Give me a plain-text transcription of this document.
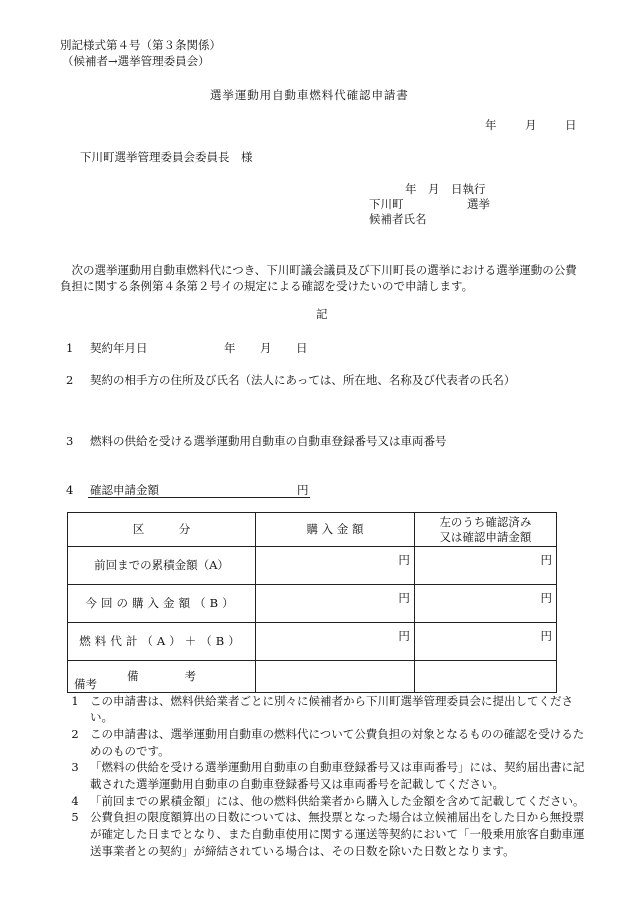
別記様式第４号（第３条関係）
（候補者→選挙管理委員会）
選挙運動用自動車燃料代確認申請書
年 月 日
下川町選挙管理委員会委員長　様
年　月　日執行
下川町	選挙
候補者氏名
次の選挙運動用自動車燃料代につき、下川町議会議員及び下川町長の選挙における選挙運動の公費負担に関する条例第４条第２号イの規定による確認を受けたいので申請します。
記
1 契約年月日	年 月 日
2 契約の相手方の住所及び氏名（法人にあっては、所在地、名称及び代表者の氏名）
3 燃料の供給を受ける選挙運動用自動車の自動車登録番号又は車両番号
4 確認申請金額	円
区　　　分	購 入 金 額	左のうち確認済み
又は確認申請金額

前回までの累積金額（A）	円	円
今回の購入金額（B）	円	円
燃料代計（A）＋（B）	円	円
備　　　　考		
備考
1 この申請書は、燃料供給業者ごとに別々に候補者から下川町選挙管理委員会に提出してください。
2 この申請書は、選挙運動用自動車の燃料代について公費負担の対象となるものの確認を受けるためのものです。
3 「燃料の供給を受ける選挙運動用自動車の自動車登録番号又は車両番号」には、契約届出書に記載された選挙運動用自動車の自動車登録番号又は車両番号を記載してください。
4 「前回までの累積金額」には、他の燃料供給業者から購入した金額を含めて記載してください。
5 公費負担の限度額算出の日数については、無投票となった場合は立候補届出をした日から無投票が確定した日までとなり、また自動車使用に関する運送等契約において「一般乗用旅客自動車運送事業者との契約」が締結されている場合は、その日数を除いた日数となります。
